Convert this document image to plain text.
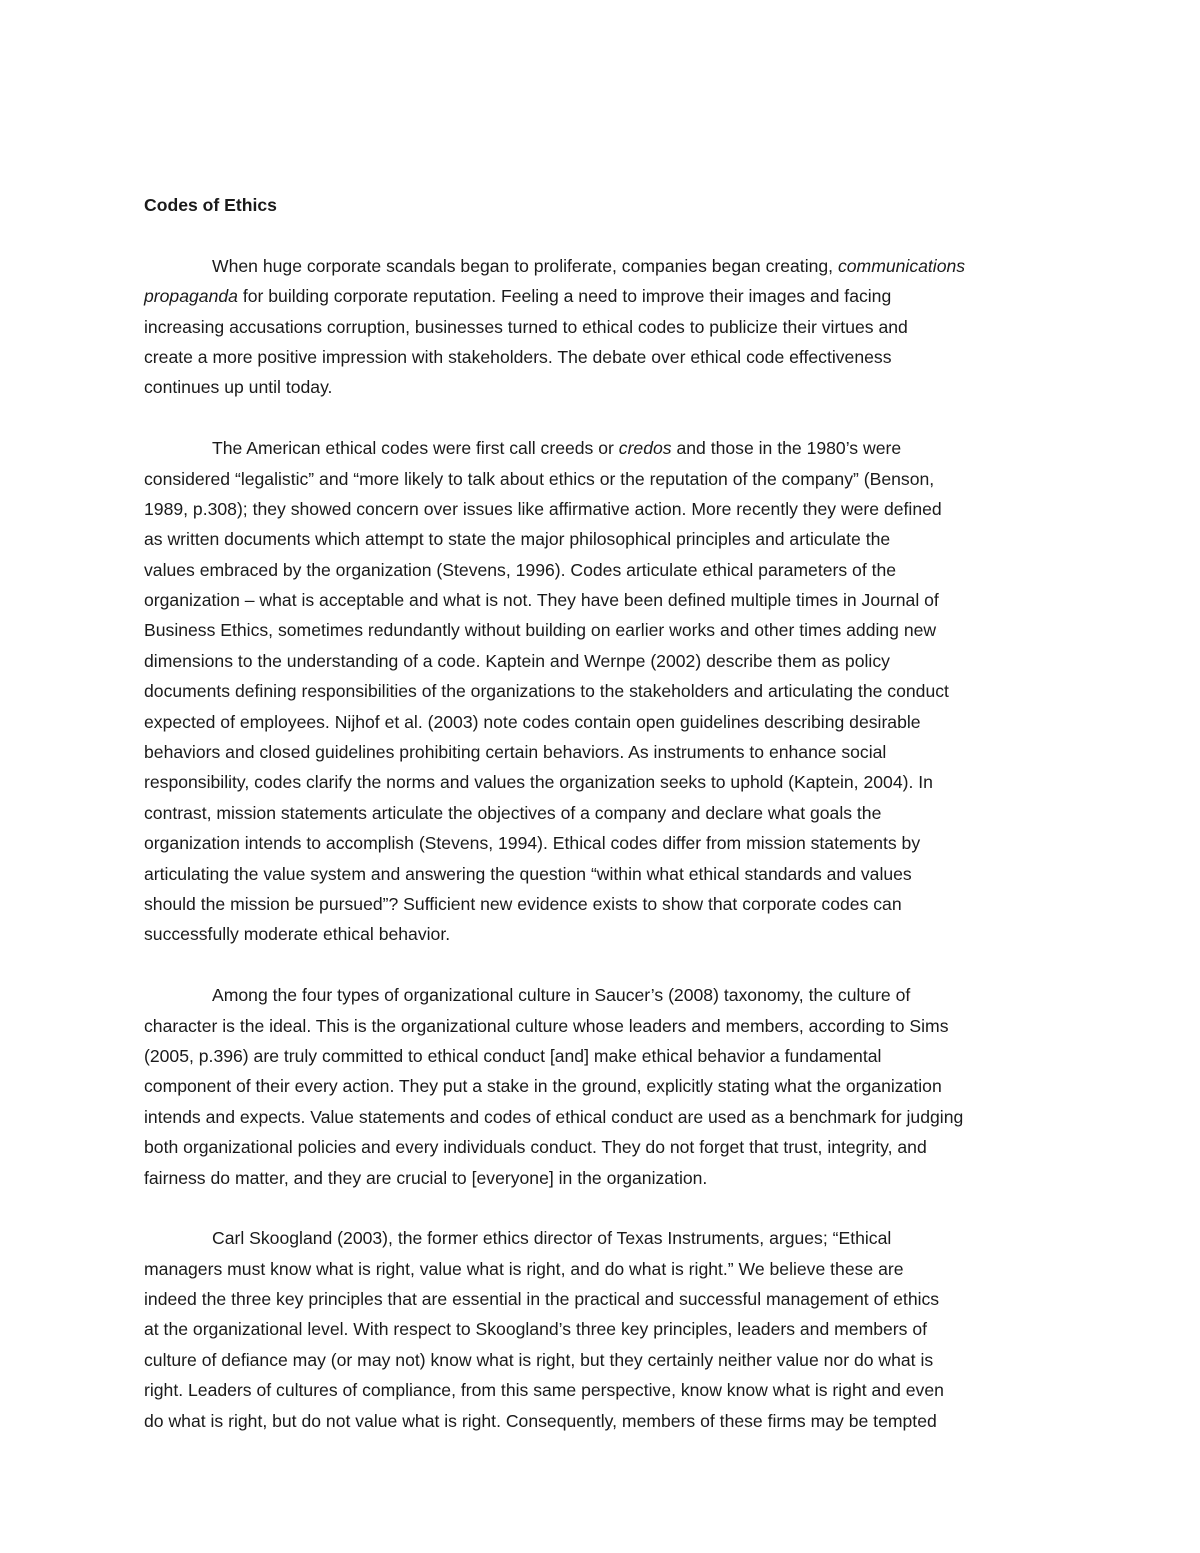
Codes of Ethics
When huge corporate scandals began to proliferate, companies began creating, communications
propaganda for building corporate reputation. Feeling a need to improve their images and facing
increasing accusations corruption, businesses turned to ethical codes to publicize their virtues and
create a more positive impression with stakeholders. The debate over ethical code effectiveness
continues up until today.
The American ethical codes were first call creeds or credos and those in the 1980’s were
considered “legalistic” and “more likely to talk about ethics or the reputation of the company” (Benson,
1989, p.308); they showed concern over issues like affirmative action. More recently they were defined
as written documents which attempt to state the major philosophical principles and articulate the
values embraced by the organization (Stevens, 1996). Codes articulate ethical parameters of the
organization – what is acceptable and what is not. They have been defined multiple times in Journal of
Business Ethics, sometimes redundantly without building on earlier works and other times adding new
dimensions to the understanding of a code. Kaptein and Wernpe (2002) describe them as policy
documents defining responsibilities of the organizations to the stakeholders and articulating the conduct
expected of employees. Nijhof et al. (2003) note codes contain open guidelines describing desirable
behaviors and closed guidelines prohibiting certain behaviors. As instruments to enhance social
responsibility, codes clarify the norms and values the organization seeks to uphold (Kaptein, 2004). In
contrast, mission statements articulate the objectives of a company and declare what goals the
organization intends to accomplish (Stevens, 1994). Ethical codes differ from mission statements by
articulating the value system and answering the question “within what ethical standards and values
should the mission be pursued”? Sufficient new evidence exists to show that corporate codes can
successfully moderate ethical behavior.
Among the four types of organizational culture in Saucer’s (2008) taxonomy, the culture of
character is the ideal. This is the organizational culture whose leaders and members, according to Sims
(2005, p.396) are truly committed to ethical conduct [and] make ethical behavior a fundamental
component of their every action. They put a stake in the ground, explicitly stating what the organization
intends and expects. Value statements and codes of ethical conduct are used as a benchmark for judging
both organizational policies and every individuals conduct. They do not forget that trust, integrity, and
fairness do matter, and they are crucial to [everyone] in the organization.
Carl Skoogland (2003), the former ethics director of Texas Instruments, argues; “Ethical
managers must know what is right, value what is right, and do what is right.” We believe these are
indeed the three key principles that are essential in the practical and successful management of ethics
at the organizational level. With respect to Skoogland’s three key principles, leaders and members of
culture of defiance may (or may not) know what is right, but they certainly neither value nor do what is
right. Leaders of cultures of compliance, from this same perspective, know know what is right and even
do what is right, but do not value what is right. Consequently, members of these firms may be tempted
